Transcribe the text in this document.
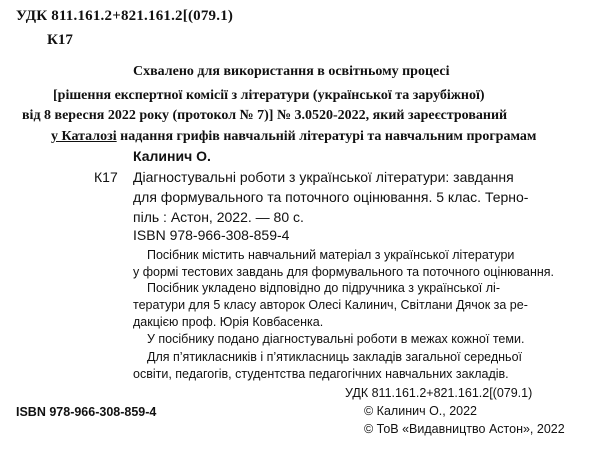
УДК 811.161.2+821.161.2[(079.1)
К17
Схвалено для використання в освітньому процесі
[рішення експертної комісії з літератури (української та зарубіжної)
від 8 вересня 2022 року (протокол № 7)] № 3.0520-2022, який зареєстрований
у Каталозі надання грифів навчальній літературі та навчальним програмам
Калинич О.
К17 Діагностувальні роботи з української літератури: завдання
для формувального та поточного оцінювання. 5 клас. Терно-
піль : Астон, 2022. — 80 с.
ISBN 978-966-308-859-4
Посібник містить навчальний матеріал з української літератури
у формі тестових завдань для формувального та поточного оцінювання.
Посібник укладено відповідно до підручника з української лі-
тератури для 5 класу авторок Олесі Калинич, Світлани Дячок за ре-
дакцією проф. Юрія Ковбасенка.
У посібнику подано діагностувальні роботи в межах кожної теми.
Для п’ятикласників і п’ятикласниць закладів загальної середньої
освіти, педагогів, студентства педагогічних навчальних закладів.
УДК 811.161.2+821.161.2[(079.1)
ISBN 978-966-308-859-4	© Калинич О., 2022
© ТоВ «Видавництво Астон», 2022
